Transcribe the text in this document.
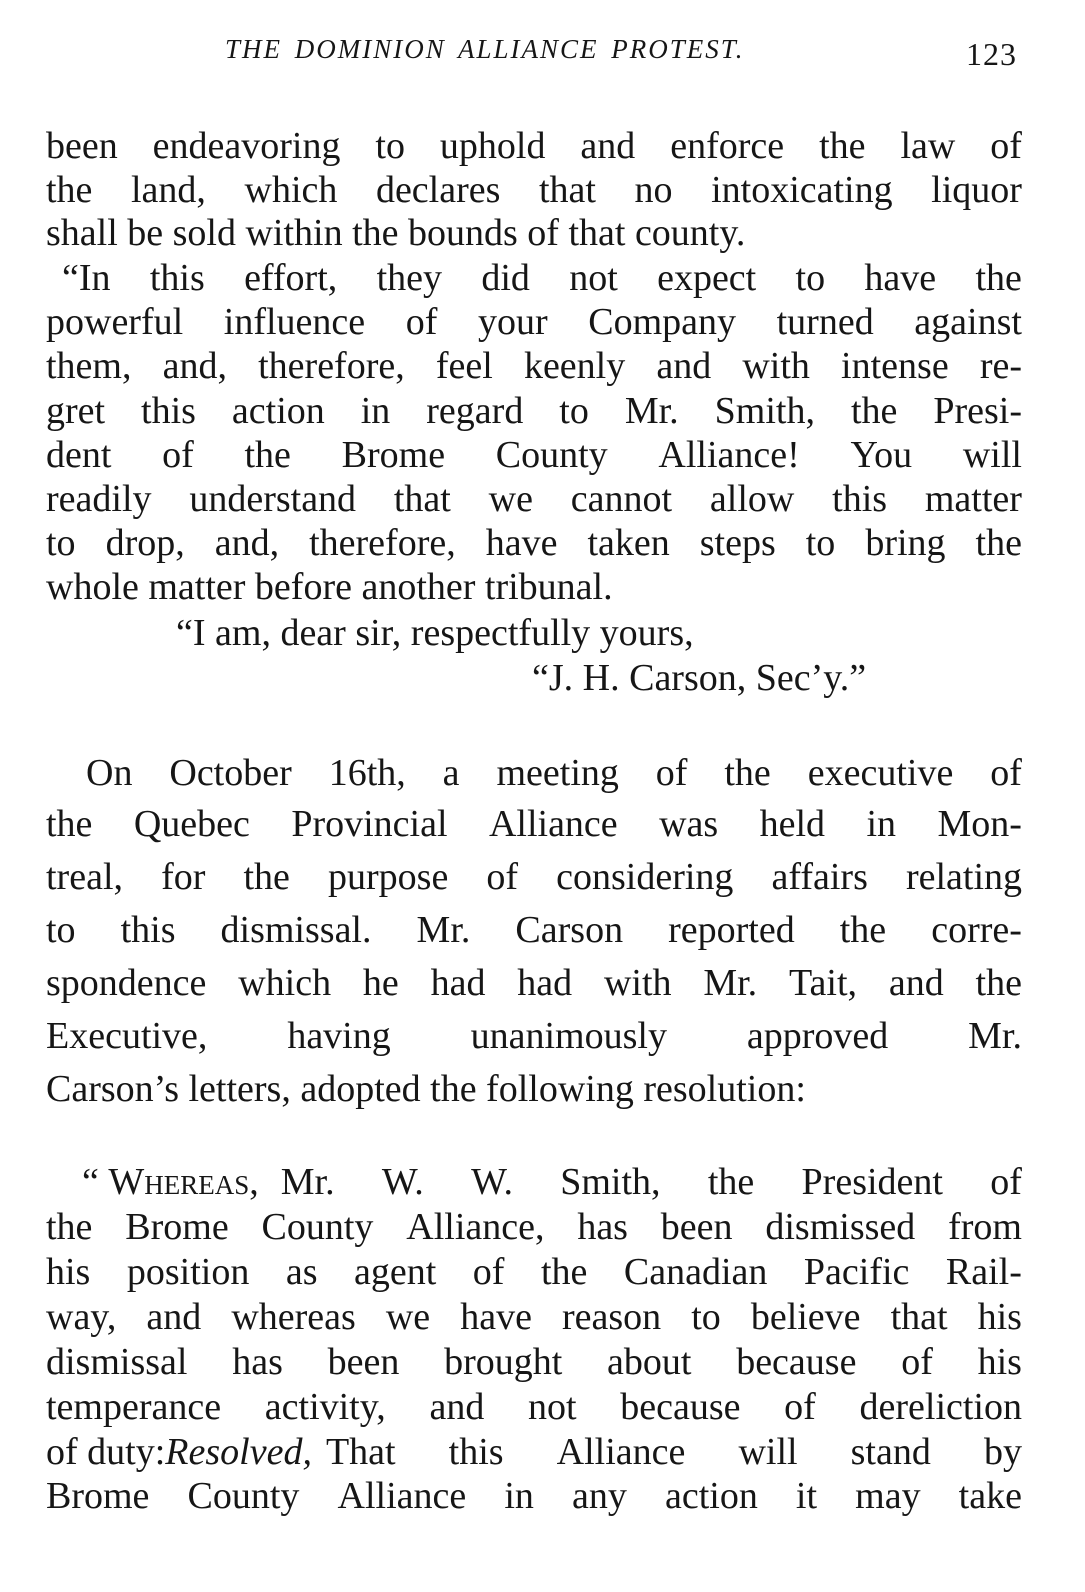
THE DOMINION ALLIANCE PROTEST.	123
been endeavoring to uphold and enforce the law of
the land, which declares that no intoxicating liquor
shall be sold within the bounds of that county.
“In this effort, they did not expect to have the
powerful influence of your Company turned against
them, and, therefore, feel keenly and with intense re-
gret this action in regard to Mr. Smith, the Presi-
dent of the Brome County Alliance! You will
readily understand that we cannot allow this matter
to drop, and, therefore, have taken steps to bring the
whole matter before another tribunal.
“I am, dear sir, respectfully yours,
“J. H. Carson, Sec’y.”
On October 16th, a meeting of the executive of
the Quebec Provincial Alliance was held in Mon-
treal, for the purpose of considering affairs relating
to this dismissal. Mr. Carson reported the corre-
spondence which he had had with Mr. Tait, and the
Executive, having unanimously approved Mr.
Carson’s letters, adopted the following resolution:
“ Whereas, Mr. W. W. Smith, the President of
the Brome County Alliance, has been dismissed from
his position as agent of the Canadian Pacific Rail-
way, and whereas we have reason to believe that his
dismissal has been brought about because of his
temperance activity, and not because of dereliction
of duty: Resolved, That this Alliance will stand by
Brome County Alliance in any action it may take
